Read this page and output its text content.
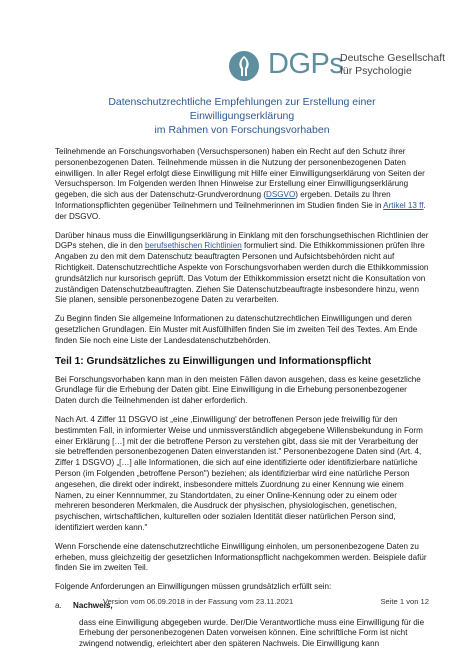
DGPs
Deutsche Gesellschaft
für Psychologie
Datenschutzrechtliche Empfehlungen zur Erstellung einer Einwilligungserklärung
im Rahmen von Forschungsvorhaben

Teilnehmende an Forschungsvorhaben (Versuchspersonen) haben ein Recht auf den Schutz ihrer personenbezogenen Daten. Teilnehmende müssen in die Nutzung der personenbezogenen Daten einwilligen. In aller Regel erfolgt diese Einwilligung mit Hilfe einer Einwilligungserklärung von Seiten der Versuchsperson. Im Folgenden werden Ihnen Hinweise zur Erstellung einer Einwilligungserklärung gegeben, die sich aus der Datenschutz-Grundverordnung (DSGVO) ergeben. Details zu Ihren Informationspflichten gegenüber Teilnehmern und Teilnehmerinnen im Studien finden Sie in Artikel 13 ff. der DSGVO.

Darüber hinaus muss die Einwilligungserklärung in Einklang mit den forschungsethischen Richtlinien der DGPs stehen, die in den berufsethischen Richtlinien formuliert sind. Die Ethikkommissionen prüfen Ihre Angaben zu den mit dem Datenschutz beauftragten Personen und Aufsichtsbehörden nicht auf Richtigkeit. Datenschutzrechtliche Aspekte von Forschungsvorhaben werden durch die Ethikkommission grundsätzlich nur kursorisch geprüft. Das Votum der Ethikkommission ersetzt nicht die Konsultation von zuständigen Datenschutzbeauftragten. Ziehen Sie Datenschutzbeauftragte insbesondere hinzu, wenn Sie planen, sensible personenbezogene Daten zu verarbeiten.

Zu Beginn finden Sie allgemeine Informationen zu datenschutzrechtlichen Einwilligungen und deren gesetzlichen Grundlagen. Ein Muster mit Ausfüllhilfen finden Sie im zweiten Teil des Textes. Am Ende finden Sie noch eine Liste der Landesdatenschutzbehörden.

Teil 1: Grundsätzliches zu Einwilligungen und Informationspflicht

Bei Forschungsvorhaben kann man in den meisten Fällen davon ausgehen, dass es keine gesetzliche Grundlage für die Erhebung der Daten gibt. Eine Einwilligung in die Erhebung personenbezogener Daten durch die Teilnehmenden ist daher erforderlich.

Nach Art. 4 Ziffer 11 DSGVO ist „eine ‚Einwilligung' der betroffenen Person jede freiwillig für den bestimmten Fall, in informierter Weise und unmissverständlich abgegebene Willensbekundung in Form einer Erklärung […] mit der die betroffene Person zu verstehen gibt, dass sie mit der Verarbeitung der sie betreffenden personenbezogenen Daten einverstanden ist." Personenbezogene Daten sind (Art. 4, Ziffer 1 DSGVO) „[…] alle Informationen, die sich auf eine identifizierte oder identifizierbare natürliche Person (im Folgenden „betroffene Person") beziehen; als identifizierbar wird eine natürliche Person angesehen, die direkt oder indirekt, insbesondere mittels Zuordnung zu einer Kennung wie einem Namen, zu einer Kennnummer, zu Standortdaten, zu einer Online-Kennung oder zu einem oder mehreren besonderen Merkmalen, die Ausdruck der physischen, physiologischen, genetischen, psychischen, wirtschaftlichen, kulturellen oder sozialen Identität dieser natürlichen Person sind, identifiziert werden kann."

Wenn Forschende eine datenschutzrechtliche Einwilligung einholen, um personenbezogene Daten zu erheben, muss gleichzeitig der gesetzlichen Informationspflicht nachgekommen werden. Beispiele dafür finden Sie im zweiten Teil.

Folgende Anforderungen an Einwilligungen müssen grundsätzlich erfüllt sein:

a. Nachweis,

dass eine Einwilligung abgegeben wurde. Der/Die Verantwortliche muss eine Einwilligung für die Erhebung der personenbezogenen Daten vorweisen können. Eine schriftliche Form ist nicht zwingend notwendig, erleichtert aber den späteren Nachweis. Die Einwilligung kann

Version vom 06.09.2018 in der Fassung vom 23.11.2021	Seite 1 von 12
